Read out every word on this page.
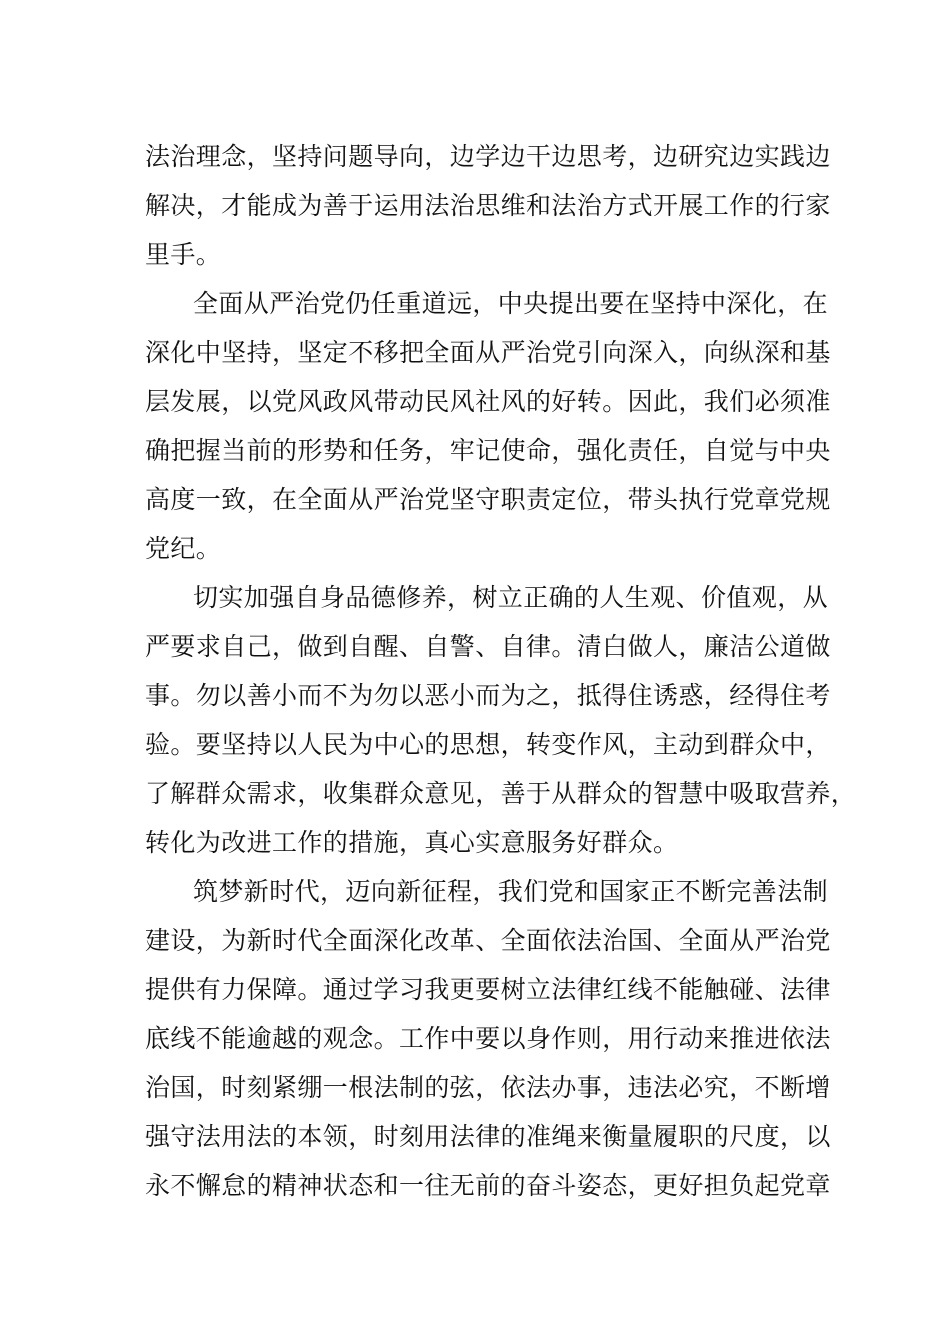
法治理念，坚持问题导向，边学边干边思考，边研究边实践边
解决，才能成为善于运用法治思维和法治方式开展工作的行家
里手。
全面从严治党仍任重道远，中央提出要在坚持中深化，在
深化中坚持，坚定不移把全面从严治党引向深入，向纵深和基
层发展，以党风政风带动民风社风的好转。因此，我们必须准
确把握当前的形势和任务，牢记使命，强化责任，自觉与中央
高度一致，在全面从严治党坚守职责定位，带头执行党章党规
党纪。
切实加强自身品德修养，树立正确的人生观、价值观，从
严要求自己，做到自醒、自警、自律。清白做人，廉洁公道做
事。勿以善小而不为勿以恶小而为之，抵得住诱惑，经得住考
验。要坚持以人民为中心的思想，转变作风，主动到群众中，
了解群众需求，收集群众意见，善于从群众的智慧中吸取营养，
转化为改进工作的措施，真心实意服务好群众。
筑梦新时代，迈向新征程，我们党和国家正不断完善法制
建设，为新时代全面深化改革、全面依法治国、全面从严治党
提供有力保障。通过学习我更要树立法律红线不能触碰、法律
底线不能逾越的观念。工作中要以身作则，用行动来推进依法
治国，时刻紧绷一根法制的弦，依法办事，违法必究，不断增
强守法用法的本领，时刻用法律的准绳来衡量履职的尺度，以
永不懈怠的精神状态和一往无前的奋斗姿态，更好担负起党章
